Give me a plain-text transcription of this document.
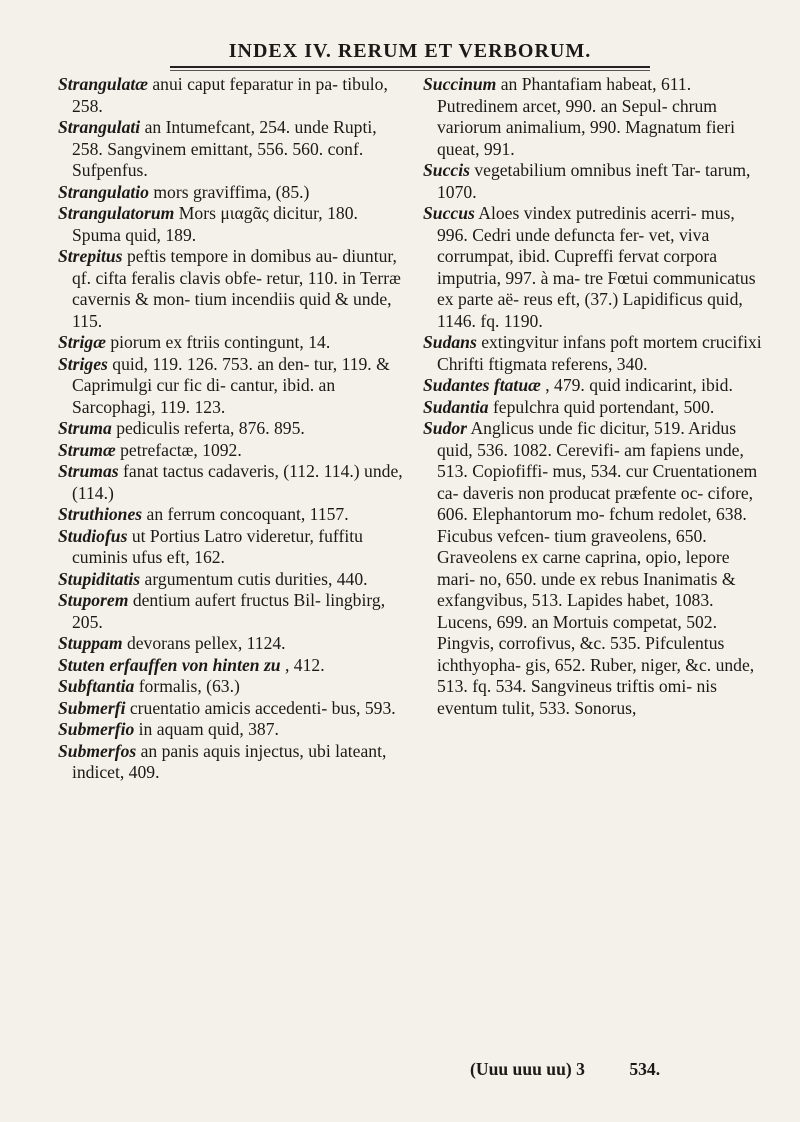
INDEX IV. RERUM ET VERBORUM.

Strangulatæ anui caput feparatur in pa- tibulo, 258.

Strangulati an Intumefcant, 254. unde Rupti, 258. Sangvinem emittant, 556. 560. conf. Sufpenfus.

Strangulatio mors graviffima, (85.)

Strangulatorum Mors μιαgᾶς dicitur, 180. Spuma quid, 189.

Strepitus peftis tempore in domibus au- diuntur, qf. cifta feralis clavis obfe- retur, 110. in Terræ cavernis & mon- tium incendiis quid & unde, 115.

Strigæ piorum ex ftriis contingunt, 14.

Striges quid, 119. 126. 753. an den- tur, 119. & Caprimulgi cur fic di- cantur, ibid. an Sarcophagi, 119. 123.

Struma pediculis referta, 876. 895.

Strumæ petrefactæ, 1092.

Strumas fanat tactus cadaveris, (112. 114.) unde, (114.)

Struthiones an ferrum concoquant, 1157.

Studiofus ut Portius Latro videretur, fuffitu cuminis ufus eft, 162.

Stupiditatis argumentum cutis durities, 440.

Stuporem dentium aufert fructus Bil- lingbirg, 205.

Stuppam devorans pellex, 1124.

Stuten erfauffen von hinten zu , 412.

Subftantia formalis, (63.)

Submerfi cruentatio amicis accedenti- bus, 593.

Submerfio in aquam quid, 387.

Submerfos an panis aquis injectus, ubi lateant, indicet, 409.

Succinum an Phantafiam habeat, 611. Putredinem arcet, 990. an Sepul- chrum variorum animalium, 990. Magnatum fieri queat, 991.

Succis vegetabilium omnibus ineft Tar- tarum, 1070.

Succus Aloes vindex putredinis acerri- mus, 996. Cedri unde defuncta fer- vet, viva corrumpat, ibid. Cupreffi fervat corpora imputria, 997. à ma- tre Fœtui communicatus ex parte aë- reus eft, (37.) Lapidificus quid, 1146. fq. 1190.

Sudans extingvitur infans poft mortem crucifixi Chrifti ftigmata referens, 340.

Sudantes ftatuæ , 479. quid indicarint, ibid.

Sudantia fepulchra quid portendant, 500.

Sudor Anglicus unde fic dicitur, 519. Aridus quid, 536. 1082. Cerevifi- am fapiens unde, 513. Copiofiffi- mus, 534. cur Cruentationem ca- daveris non producat præfente oc- cifore, 606. Elephantorum mo- fchum redolet, 638. Ficubus vefcen- tium graveolens, 650. Graveolens ex carne caprina, opio, lepore mari- no, 650. unde ex rebus Inanimatis & exfangvibus, 513. Lapides habet, 1083. Lucens, 699. an Mortuis competat, 502. Pingvis, corrofivus, &c. 535. Pifculentus ichthyopha- gis, 652. Ruber, niger, &c. unde, 513. fq. 534. Sangvineus triftis omi- nis eventum tulit, 533. Sonorus,

(Uuu uuu uu) 3	534.
